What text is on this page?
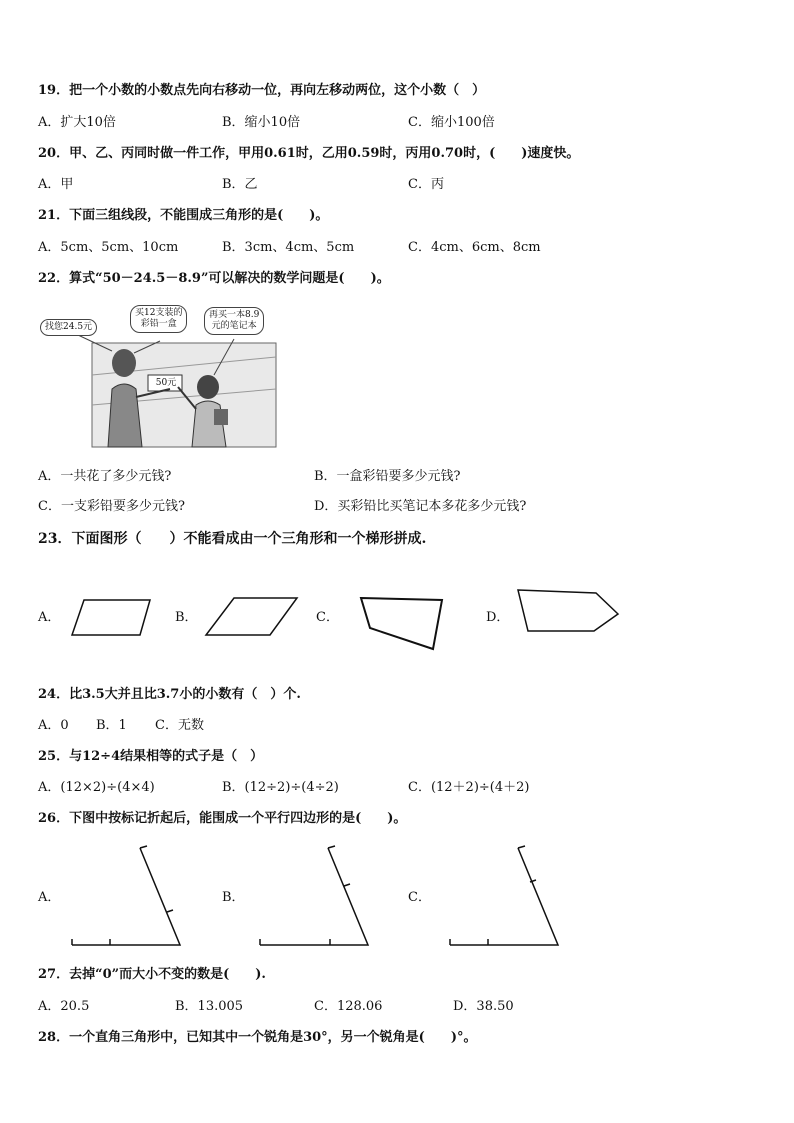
19．把一个小数的小数点先向右移动一位，再向左移动两位，这个小数（　）
A．扩大10倍	B．缩小10倍	C．缩小100倍
20．甲、乙、丙同时做一件工作，甲用0.61时，乙用0.59时，丙用0.70时，(　　)速度快。
A．甲	B．乙	C．丙
21．下面三组线段，不能围成三角形的是(　　)。
A．5cm、5cm、10cm	B．3cm、4cm、5cm	C．4cm、6cm、8cm
22．算式“50－24.5－8.9”可以解决的数学问题是(　　)。
找您24.5元
买12支装的
彩铅一盒
再买一本8.9
元的笔记本
50元
A．一共花了多少元钱?	B．一盒彩铅要多少元钱?
C．一支彩铅要多少元钱?	D．买彩铅比买笔记本多花多少元钱?
23．下面图形（　　）不能看成由一个三角形和一个梯形拼成.
A．	B．	C．	D．
24．比3.5大并且比3.7小的小数有（　）个.
A．0 B．1 C．无数
25．与12÷4结果相等的式子是（　）
A．(12×2)÷(4×4)	B．(12÷2)÷(4÷2)	C．(12＋2)÷(4＋2)
26．下图中按标记折起后，能围成一个平行四边形的是(　　)。
A．	B．	C．
27．去掉“0”而大小不变的数是(　　).
A．20.5	B．13.005	C．128.06	D．38.50
28．一个直角三角形中，已知其中一个锐角是30°，另一个锐角是(　　)°。
